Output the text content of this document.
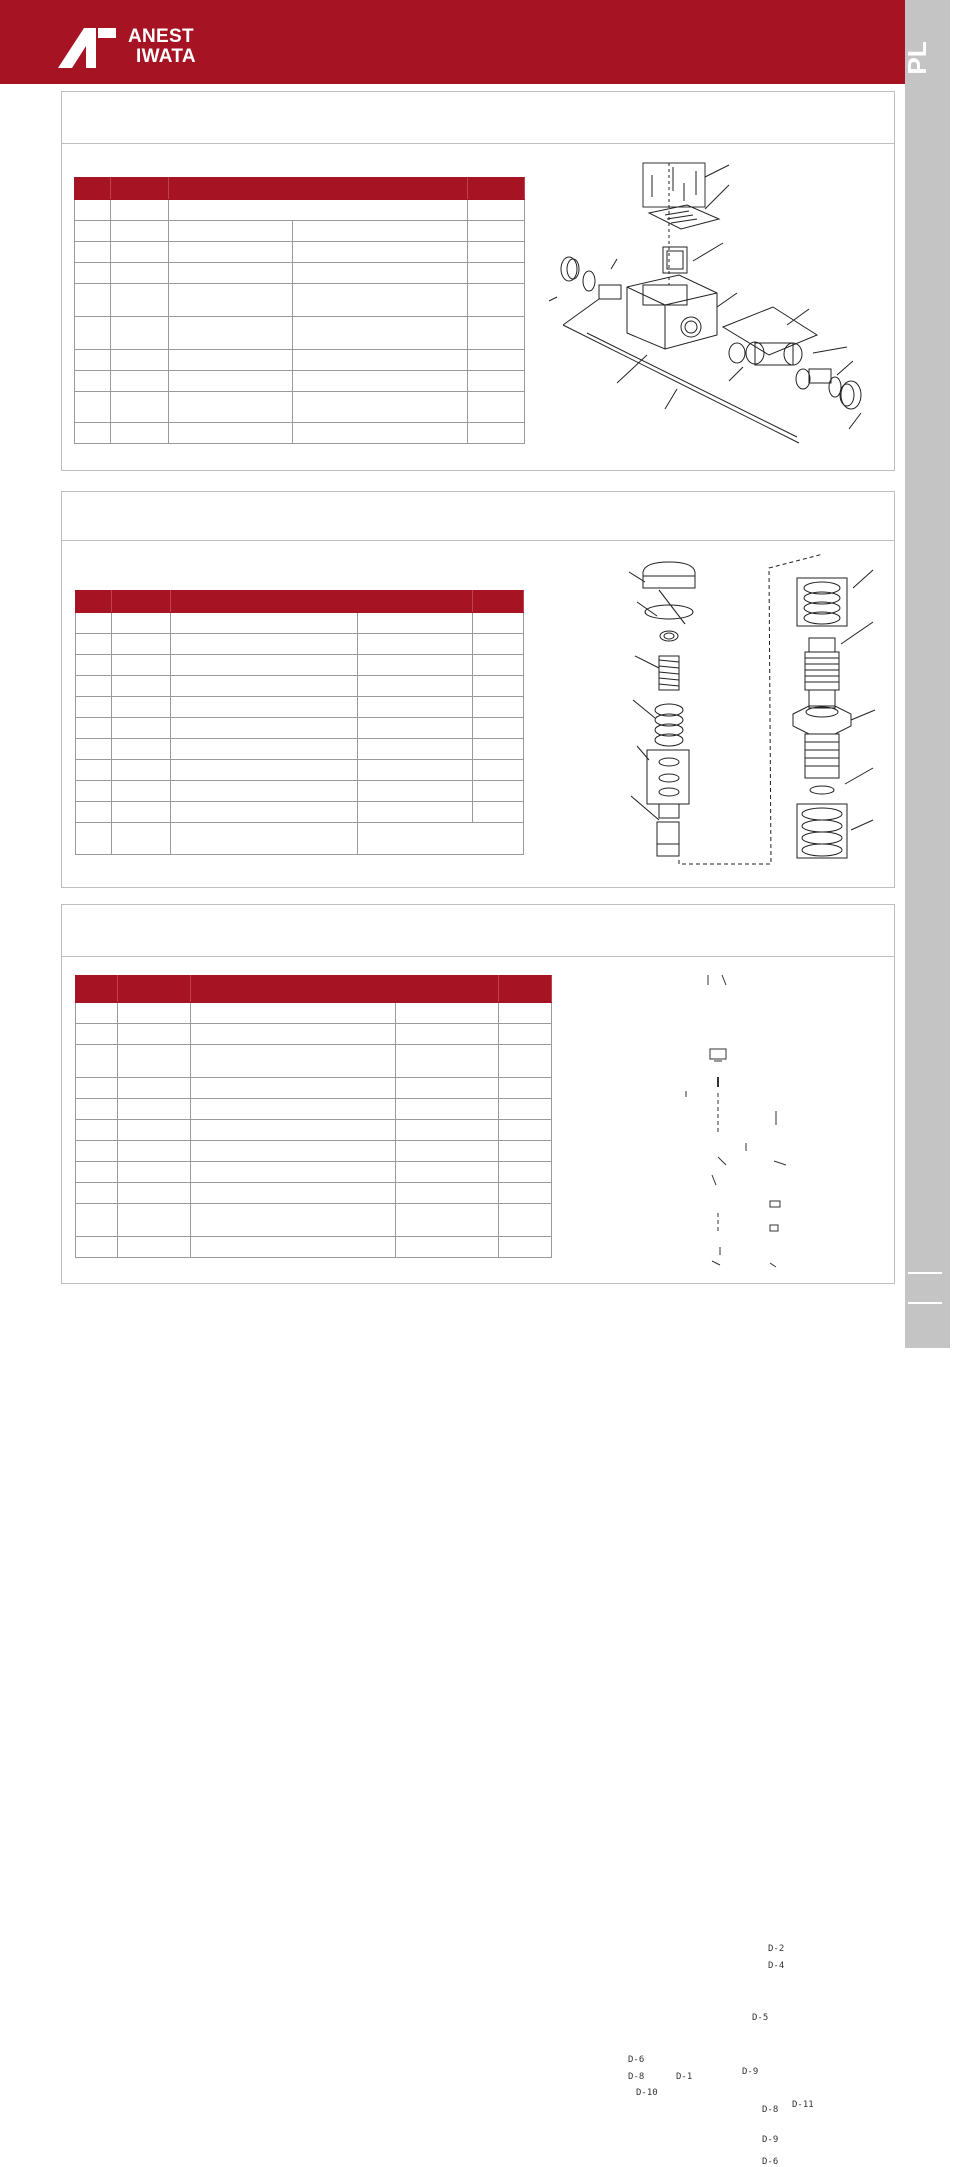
ANEST
IWATA	PL

D-2
D-4
D-5
D-6
D-8
D-10
D-1	D-9
D-11
D-8
D-9
D-6
